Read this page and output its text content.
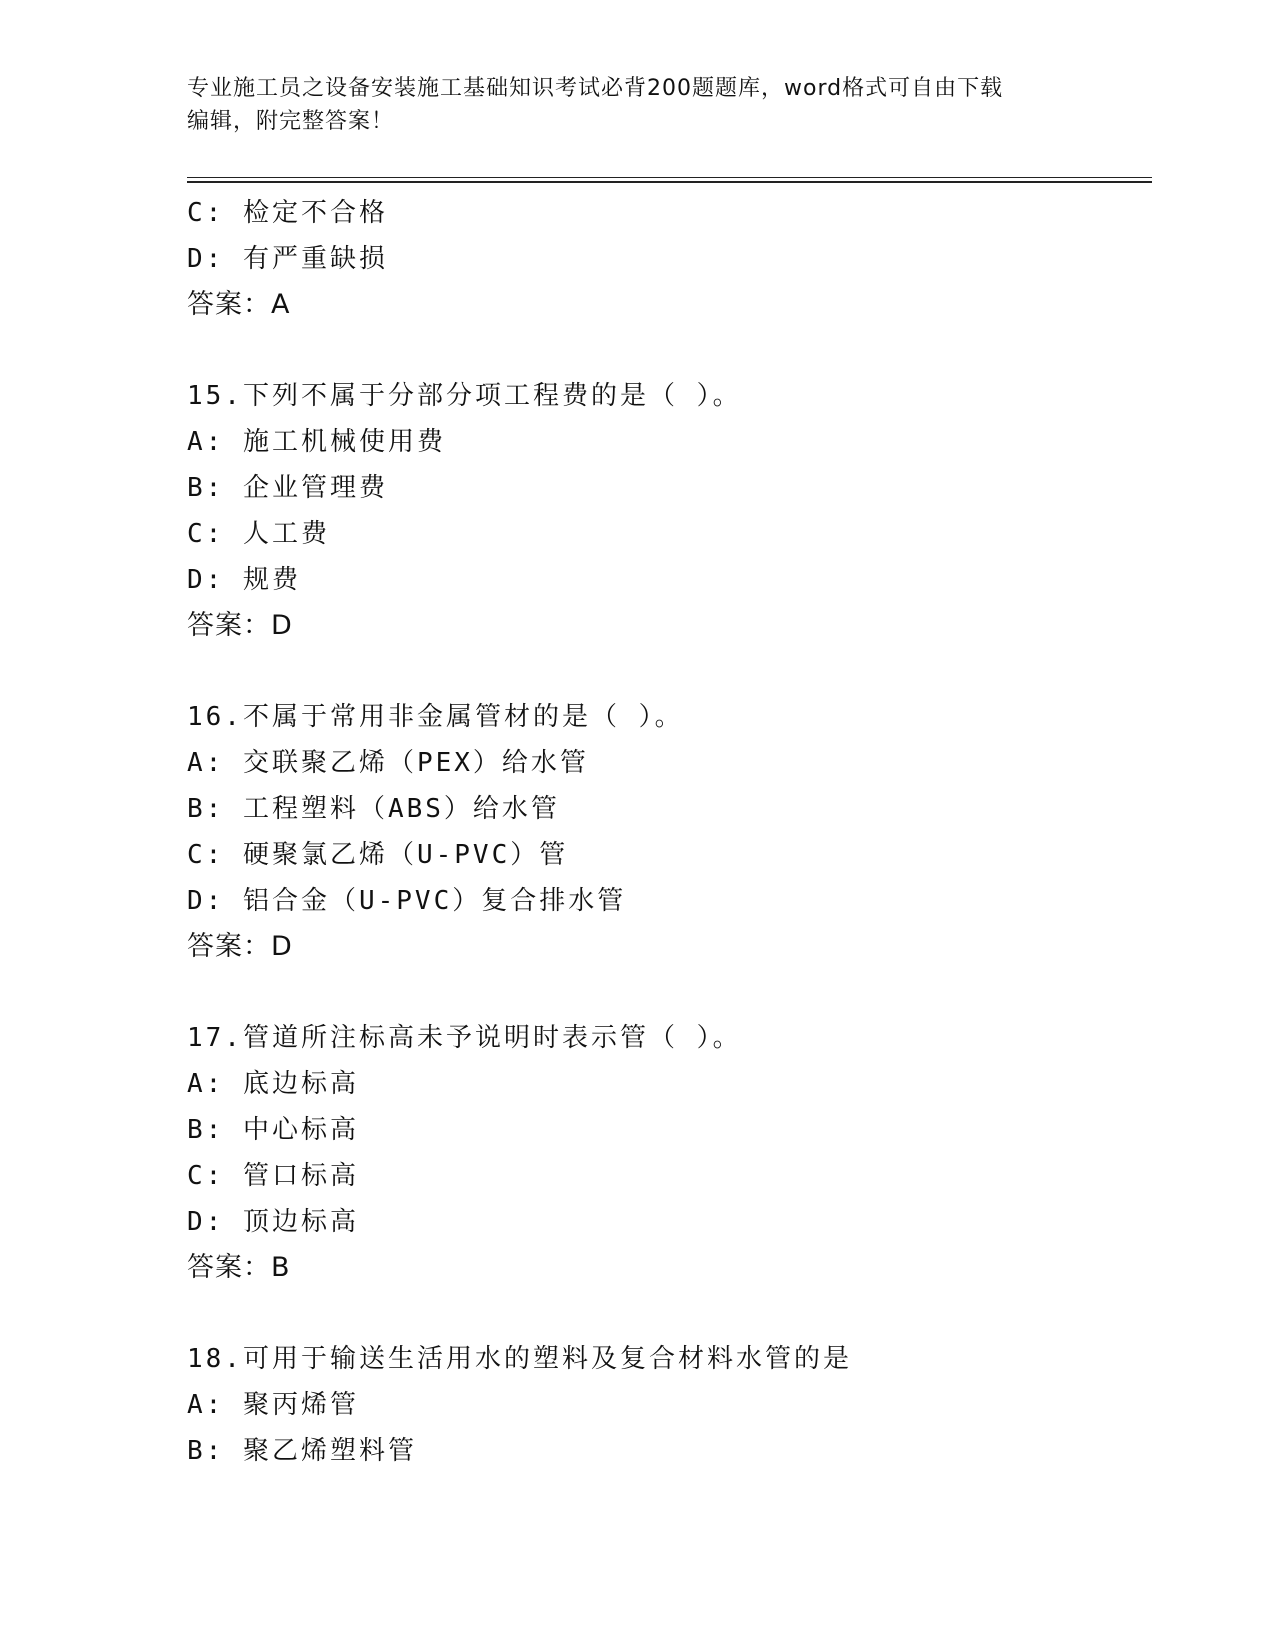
专业施工员之设备安装施工基础知识考试必背200题题库，word格式可自由下载
编辑，附完整答案！
C: 检定不合格
D: 有严重缺损
答案：A
15.下列不属于分部分项工程费的是（ ）。
A: 施工机械使用费
B: 企业管理费
C: 人工费
D: 规费
答案：D
16.不属于常用非金属管材的是（ ）。
A: 交联聚乙烯（PEX）给水管
B: 工程塑料（ABS）给水管
C: 硬聚氯乙烯（U-PVC）管
D: 铝合金（U-PVC）复合排水管
答案：D
17.管道所注标高未予说明时表示管（ ）。
A: 底边标高
B: 中心标高
C: 管口标高
D: 顶边标高
答案：B
18.可用于输送生活用水的塑料及复合材料水管的是
A: 聚丙烯管
B: 聚乙烯塑料管
